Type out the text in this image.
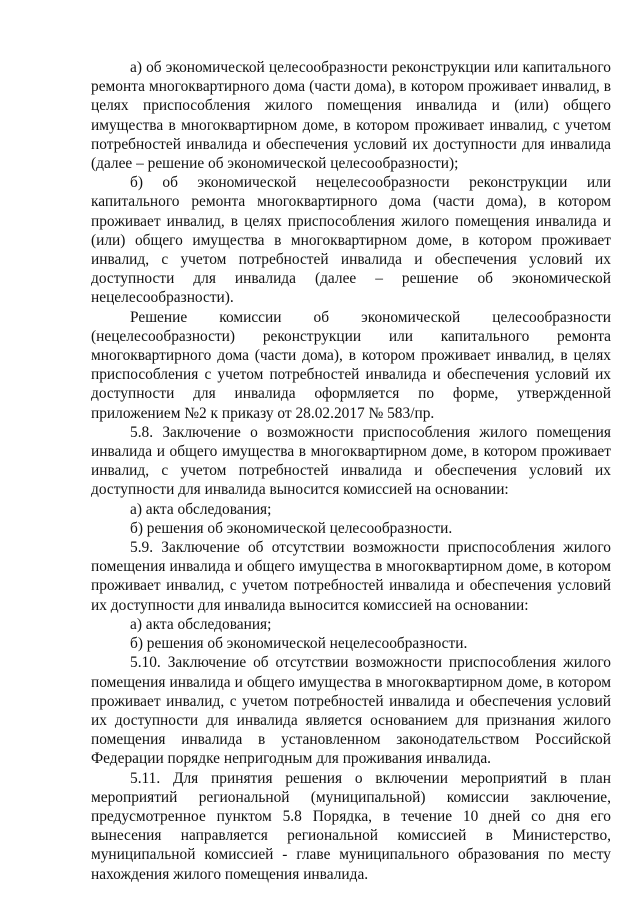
а) об экономической целесообразности реконструкции или капитального ремонта многоквартирного дома (части дома), в котором проживает инвалид, в целях приспособления жилого помещения инвалида и (или) общего имущества в многоквартирном доме, в котором проживает инвалид, с учетом потребностей инвалида и обеспечения условий их доступности для инвалида (далее – решение об экономической целесообразности);

б) об экономической нецелесообразности реконструкции или капитального ремонта многоквартирного дома (части дома), в котором проживает инвалид, в целях приспособления жилого помещения инвалида и (или) общего имущества в многоквартирном доме, в котором проживает инвалид, с учетом потребностей инвалида и обеспечения условий их доступности для инвалида (далее – решение об экономической нецелесообразности).

Решение комиссии об экономической целесообразности (нецелесообразности) реконструкции или капитального ремонта многоквартирного дома (части дома), в котором проживает инвалид, в целях приспособления с учетом потребностей инвалида и обеспечения условий их доступности для инвалида оформляется по форме, утвержденной приложением №2 к приказу от 28.02.2017 № 583/пр.

5.8. Заключение о возможности приспособления жилого помещения инвалида и общего имущества в многоквартирном доме, в котором проживает инвалид, с учетом потребностей инвалида и обеспечения условий их доступности для инвалида выносится комиссией на основании:

а) акта обследования;

б) решения об экономической целесообразности.

5.9. Заключение об отсутствии возможности приспособления жилого помещения инвалида и общего имущества в многоквартирном доме, в котором проживает инвалид, с учетом потребностей инвалида и обеспечения условий их доступности для инвалида выносится комиссией на основании:

а) акта обследования;

б) решения об экономической нецелесообразности.

5.10. Заключение об отсутствии возможности приспособления жилого помещения инвалида и общего имущества в многоквартирном доме, в котором проживает инвалид, с учетом потребностей инвалида и обеспечения условий их доступности для инвалида является основанием для признания жилого помещения инвалида в установленном законодательством Российской Федерации порядке непригодным для проживания инвалида.

5.11. Для принятия решения о включении мероприятий в план мероприятий региональной (муниципальной) комиссии заключение, предусмотренное пунктом 5.8 Порядка, в течение 10 дней со дня его вынесения направляется региональной комиссией в Министерство, муниципальной комиссией - главе муниципального образования по месту нахождения жилого помещения инвалида.
